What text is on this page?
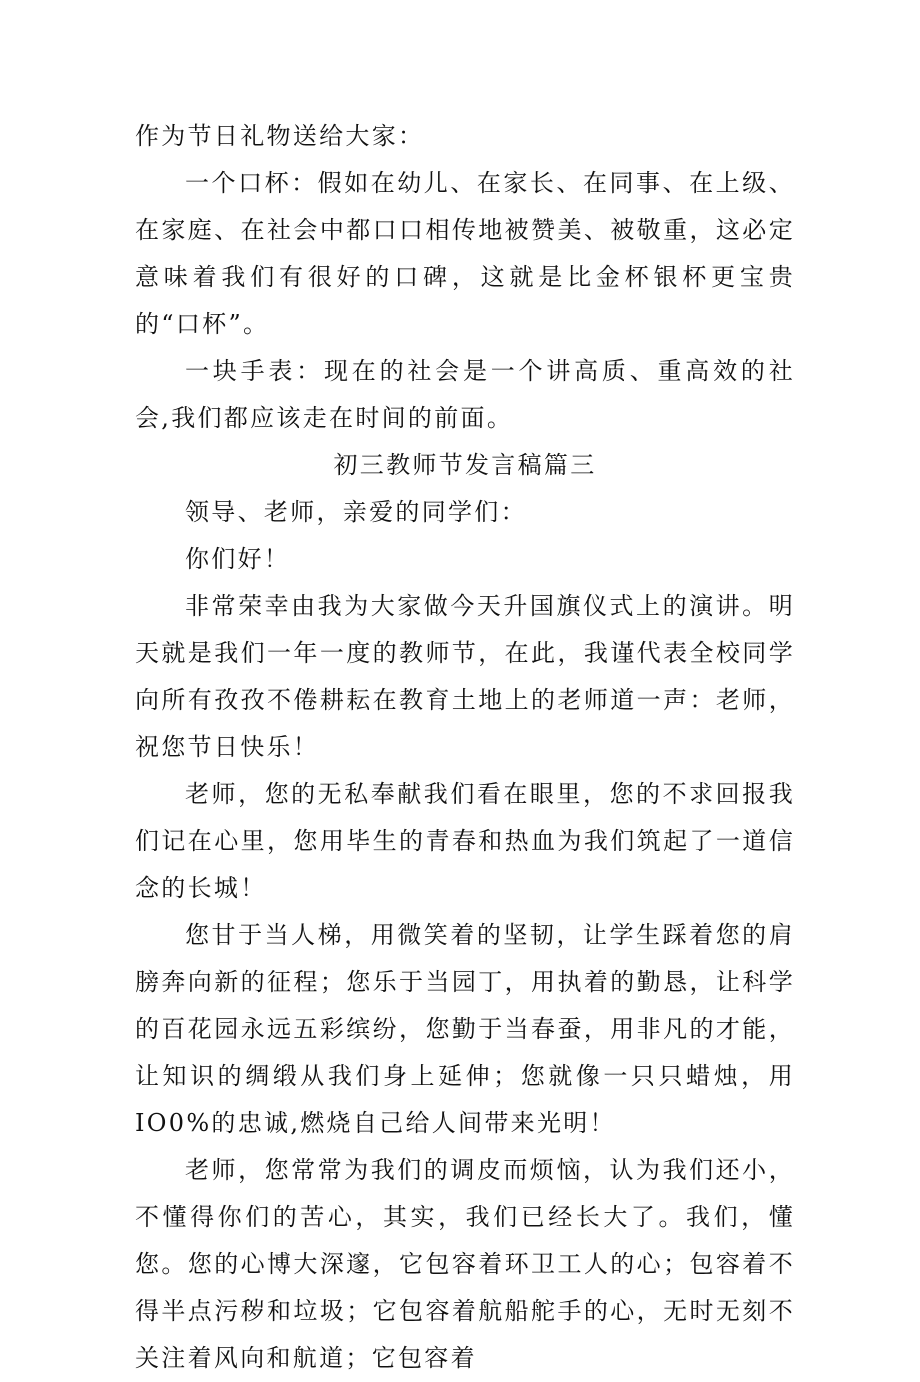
作为节日礼物送给大家：

一个口杯：假如在幼儿、在家长、在同事、在上级、在家庭、在社会中都口口相传地被赞美、被敬重，这必定意味着我们有很好的口碑，这就是比金杯银杯更宝贵的“口杯”。

一块手表：现在的社会是一个讲高质、重高效的社会,我们都应该走在时间的前面。

初三教师节发言稿篇三

领导、老师，亲爱的同学们：

你们好！

非常荣幸由我为大家做今天升国旗仪式上的演讲。明天就是我们一年一度的教师节，在此，我谨代表全校同学向所有孜孜不倦耕耘在教育土地上的老师道一声：老师，祝您节日快乐！

老师，您的无私奉献我们看在眼里，您的不求回报我们记在心里，您用毕生的青春和热血为我们筑起了一道信念的长城！

您甘于当人梯，用微笑着的坚韧，让学生踩着您的肩膀奔向新的征程；您乐于当园丁，用执着的勤恳，让科学的百花园永远五彩缤纷，您勤于当春蚕，用非凡的才能，让知识的绸缎从我们身上延伸；您就像一只只蜡烛，用IO0%的忠诚,燃烧自己给人间带来光明！

老师，您常常为我们的调皮而烦恼，认为我们还小，不懂得你们的苦心，其实，我们已经长大了。我们，懂您。您的心博大深邃，它包容着环卫工人的心；包容着不得半点污秽和垃圾；它包容着航船舵手的心，无时无刻不关注着风向和航道；它包容着
